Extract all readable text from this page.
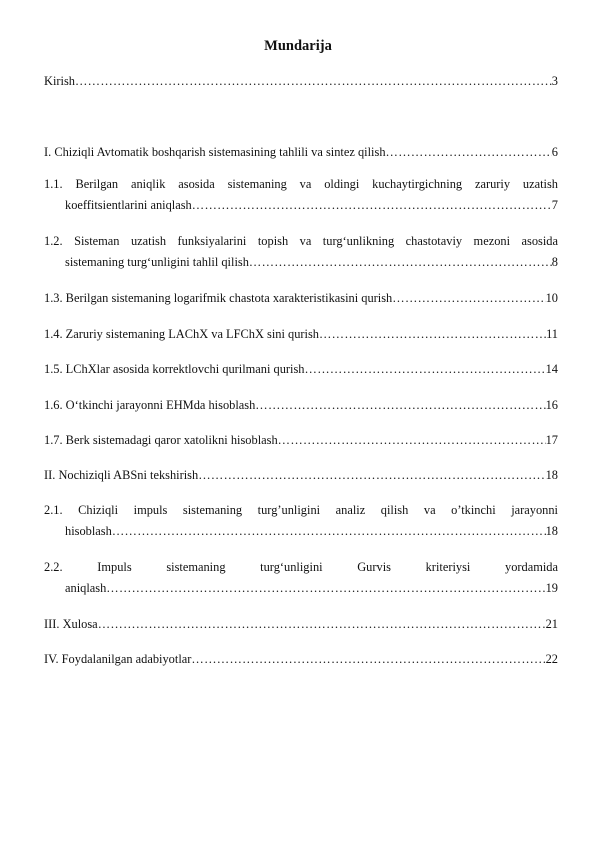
Mundarija
Kirish ……………………………………………………………………………………………………………………………………………	3
I. Chiziqli Avtomatik boshqarish sistemasining tahlili va sintez qilish ……………………………………………………………………………………………………………………………………………	6
1.1. Berilgan aniqlik asosida sistemaning va oldingi kuchaytirgichning zaruriy uzatish
koeffitsientlarini aniqlash ……………………………………………………………………………………………………………………………………………	7
1.2. Sisteman uzatish funksiyalarini topish va turg‘unlikning chastotaviy mezoni asosida
sistemaning turg‘unligini tahlil qilish ……………………………………………………………………………………………………………………………………………	8
1.3. Berilgan sistemaning logarifmik chastota xarakteristikasini qurish ……………………………………………………………………………………………………………………………………………	10
1.4. Zaruriy sistemaning LAChX va LFChX sini qurish ……………………………………………………………………………………………………………………………………………	11
1.5. LChXlar asosida korrektlovchi qurilmani qurish ……………………………………………………………………………………………………………………………………………	14
1.6. O‘tkinchi jarayonni EHMda hisoblash ……………………………………………………………………………………………………………………………………………	16
1.7. Berk sistemadagi qaror xatolikni hisoblash ……………………………………………………………………………………………………………………………………………	17
II. Nochiziqli ABSni tekshirish ……………………………………………………………………………………………………………………………………………	18
2.1. Chiziqli impuls sistemaning turg’unligini analiz qilish va o’tkinchi jarayonni
hisoblash ……………………………………………………………………………………………………………………………………………	18
2.2. Impuls sistemaning turg‘unligini Gurvis kriteriysi yordamida
aniqlash ……………………………………………………………………………………………………………………………………………	19
III. Xulosa ……………………………………………………………………………………………………………………………………………	21
IV. Foydalanilgan adabiyotlar ……………………………………………………………………………………………………………………………………………	22
